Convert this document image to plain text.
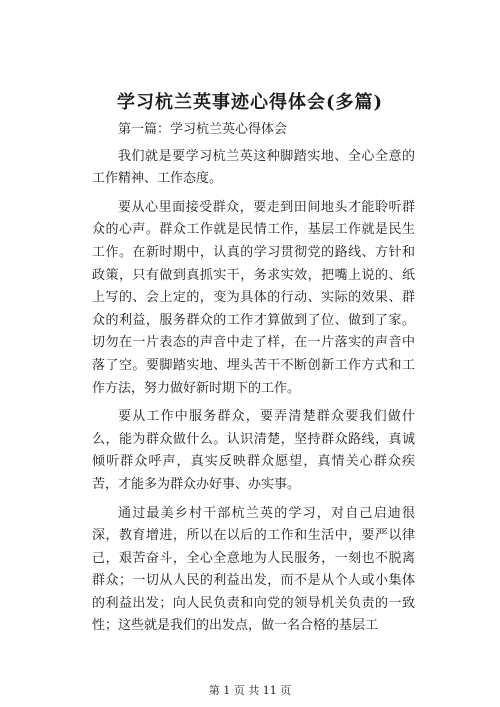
学习杭兰英事迹心得体会(多篇)

第一篇：学习杭兰英心得体会

我们就是要学习杭兰英这种脚踏实地、全心全意的工作精神、工作态度。

要从心里面接受群众，要走到田间地头才能聆听群众的心声。群众工作就是民情工作，基层工作就是民生工作。在新时期中，认真的学习贯彻党的路线、方针和政策，只有做到真抓实干，务求实效，把嘴上说的、纸上写的、会上定的，变为具体的行动、实际的效果、群众的利益，服务群众的工作才算做到了位、做到了家。切勿在一片表态的声音中走了样，在一片落实的声音中落了空。要脚踏实地、埋头苦干不断创新工作方式和工作方法，努力做好新时期下的工作。

要从工作中服务群众，要弄清楚群众要我们做什么，能为群众做什么。认识清楚，坚持群众路线，真诚倾听群众呼声，真实反映群众愿望，真情关心群众疾苦，才能多为群众办好事、办实事。

通过最美乡村干部杭兰英的学习，对自己启迪很深，教育增进，所以在以后的工作和生活中，要严以律己，艰苦奋斗，全心全意地为人民服务，一刻也不脱离群众；一切从人民的利益出发，而不是从个人或小集体的利益出发；向人民负责和向党的领导机关负责的一致性；这些就是我们的出发点，做一名合格的基层工

第 1 页 共 11 页
